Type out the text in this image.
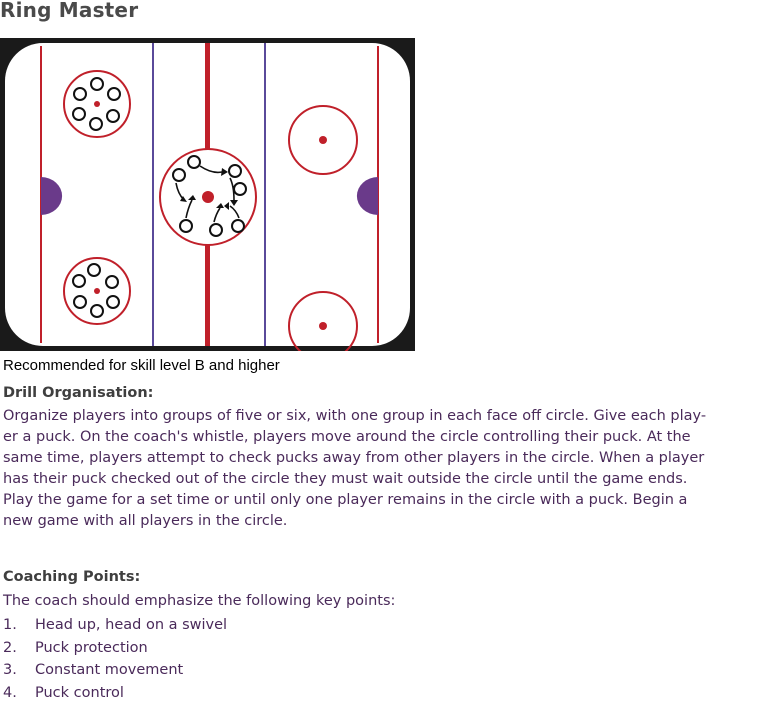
Ring Master
Recommended for skill level B and higher
Drill Organisation:
Organize players into groups of five or six, with one group in each face off circle. Give each play-
er a puck. On the coach's whistle, players move around the circle controlling their puck. At the
same time, players attempt to check pucks away from other players in the circle. When a player
has their puck checked out of the circle they must wait outside the circle until the game ends.
Play the game for a set time or until only one player remains in the circle with a puck. Begin a
new game with all players in the circle.
Coaching Points:
The coach should emphasize the following key points:
1. Head up, head on a swivel
2. Puck protection
3. Constant movement
4. Puck control
